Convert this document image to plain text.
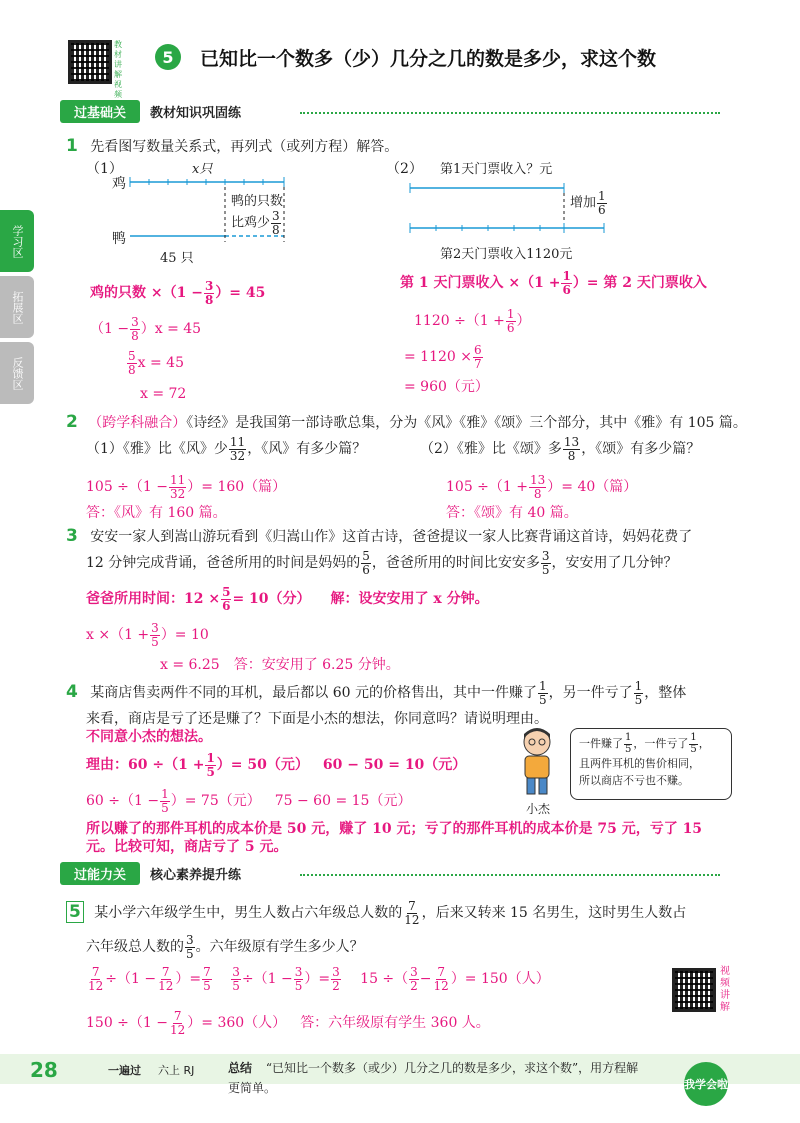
教材讲解视频
5	已知比一个数多（少）几分之几的数是多少，求这个数
学习区
拓展区
反馈区
过基础关	教材知识巩固练
1 先看图写数量关系式，再列式（或列方程）解答。
（1）	（2）
x只
鸡
鸭
鸭的只数
比鸡少 $\frac{3}{8}$
45 只
第1天门票收入？元
增加 $\frac{1}{6}$
第2天门票收入1120元
鸡的只数 $\times(1 - \frac{3}{8}$ ）= 45
$(1 - \frac{3}{8} )x = 45$
$\frac{5}{8}$ x = 45
x = 72
第 1 天门票收入 $\times(1 + \frac{1}{6}$ ）= 第 2 天门票收入
$1120 \div(1 + \frac{1}{6}$ ）
= $1120 \times \frac{6}{7}$
= 960（元）
2 （跨学科融合）《诗经》是我国第一部诗歌总集，分为《风》《雅》《颂》三个部分，其中《雅》有 105 篇。
（1）《雅》比《风》少 $\frac{11}{32}$ ，《风》有多少篇？	（2）《雅》比《颂》多 $\frac{13}{8}$ ，《颂》有多少篇？
$105 \div(1 - \frac{11}{32}$ ）= 160（篇）
答：《风》有 160 篇。
$105 \div(1 + \frac{13}{8}$ ）= 40（篇）
答：《颂》有 40 篇。
3 安安一家人到嵩山游玩看到《归嵩山作》这首古诗，爸爸提议一家人比赛背诵这首诗，妈妈花费了
12 分钟完成背诵，爸爸所用的时间是妈妈的 $\frac{5}{6}$ ，爸爸所用的时间比安安多 $\frac{3}{5}$ ，安安用了几分钟？
爸爸所用时间：$12 \times \frac{5}{6} = 10$（分） 解：设安安用了 x 分钟。
$x \times(1 + \frac{3}{5}$ ）= 10
x = 6.25 答：安安用了 6.25 分钟。
4 某商店售卖两件不同的耳机，最后都以 60 元的价格售出，其中一件赚了 $\frac{1}{5}$ ，另一件亏了 $\frac{1}{5}$ ，整体
来看，商店是亏了还是赚了？下面是小杰的想法，你同意吗？请说明理由。
不同意小杰的想法。
理由：$60 \div(1 + \frac{1}{5}$ ）= 50（元） 60 − 50 = 10（元）
$60 \div(1 - \frac{1}{5}$ ）= 75（元） 75 − 60 = 15（元）
所以赚了的那件耳机的成本价是 50 元，赚了 10 元；亏了的那件耳机的成本价是 75 元，亏了 15
元。比较可知，商店亏了 5 元。
小杰
一件赚了 $\frac{1}{5}$ ，一件亏了 $\frac{1}{5}$ ，
且两件耳机的售价相同，
所以商店不亏也不赚。
过能力关	核心素养提升练
5 某小学六年级学生中，男生人数占六年级总人数的 $\frac{7}{12}$ ，后来又转来 15 名男生，这时男生人数占
六年级总人数的 $\frac{3}{5}$ 。六年级原有学生多少人？
$\frac{7}{12} \div(1 - \frac{7}{12}$ ）= $\frac{7}{5}$
$\frac{3}{5} \div(1 - \frac{3}{5}$ ）= $\frac{3}{2} 15$ ÷（ $\frac{3}{2} - \frac{7}{12}$ ）= 150（人）
$150 \div(1 - \frac{7}{12}$ ）= 360（人） 答：六年级原有学生 360 人。
视频讲解
28	一遍过 六上 RJ	总结 “已知比一个数多（或少）几分之几的数是多少，求这个数”，用方程解
更简单。	我学会啦
